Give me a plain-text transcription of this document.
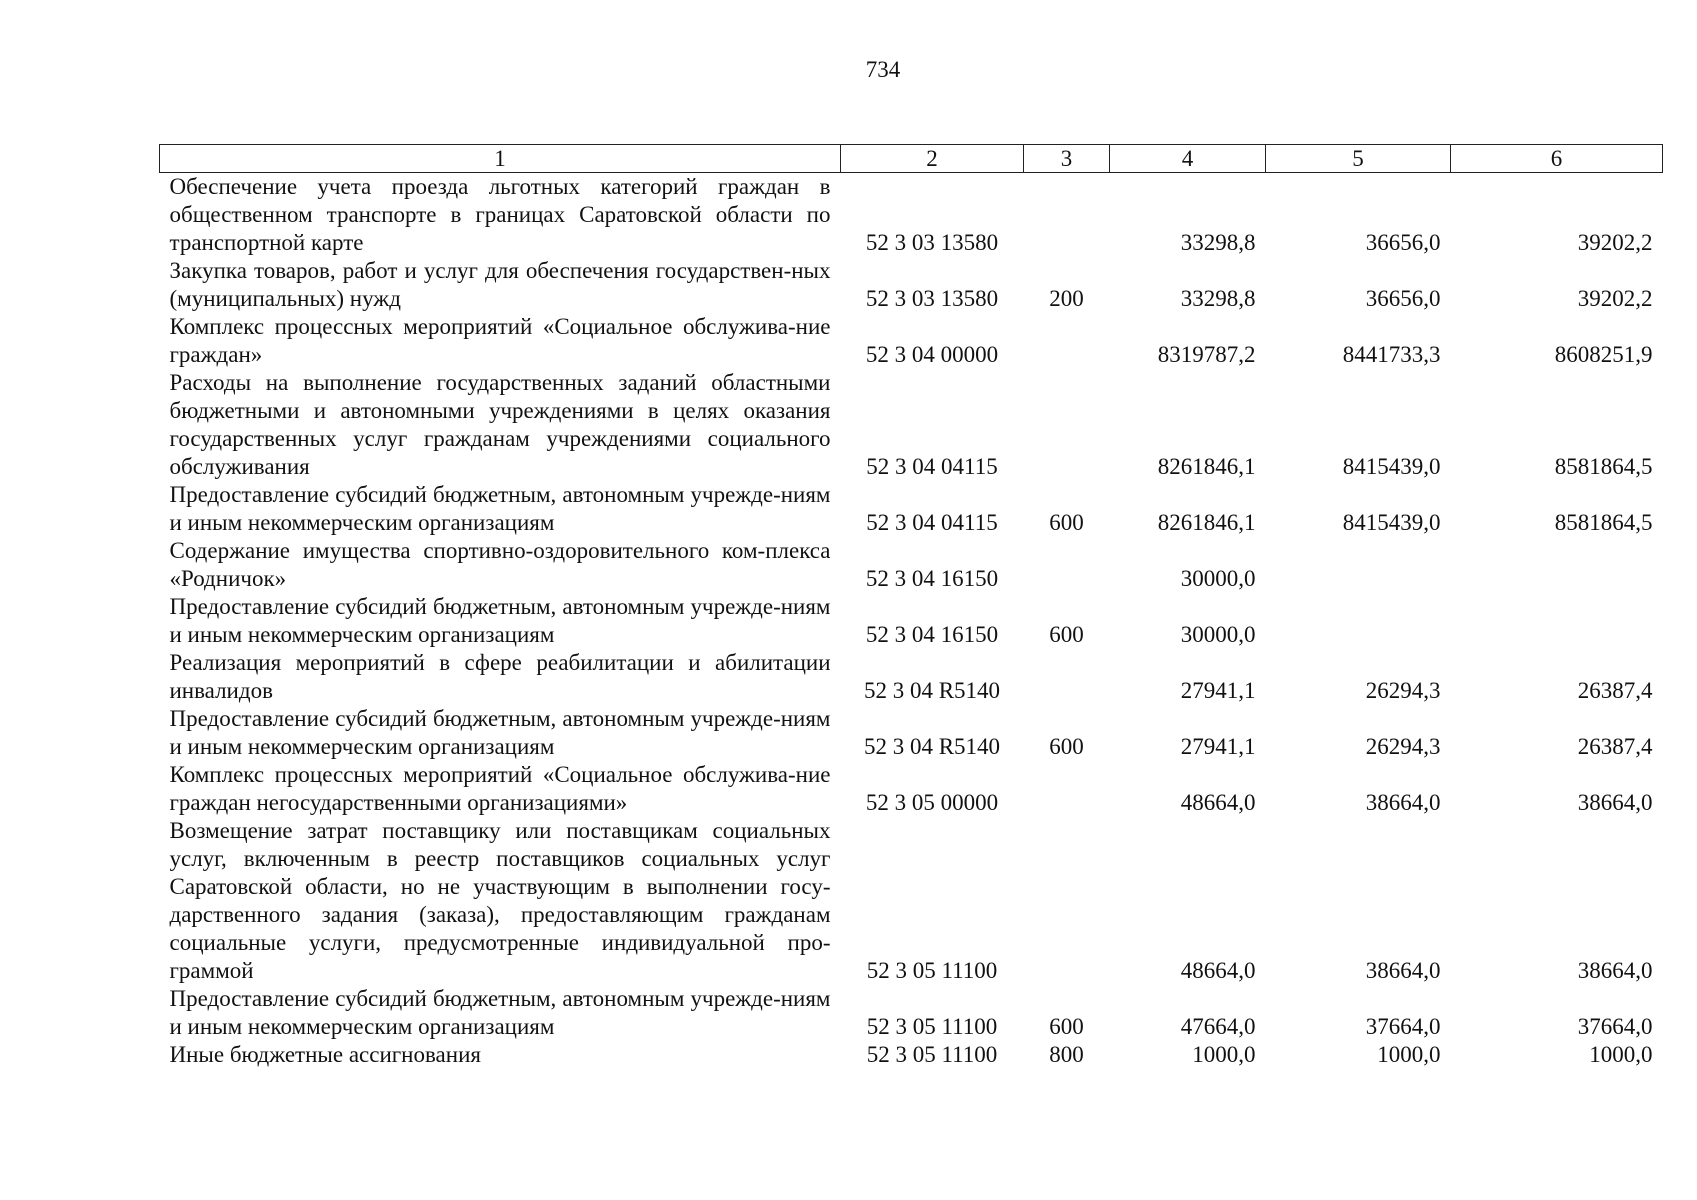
734
1	2	3	4	5	6
Обеспечение учета проезда льготных категорий граждан в общественном транспорте в границах Саратовской области по транспортной карте	52 3 03 13580		33298,8	36656,0	39202,2
Закупка товаров, работ и услуг для обеспечения государствен-ных (муниципальных) нужд	52 3 03 13580	200	33298,8	36656,0	39202,2
Комплекс процессных мероприятий «Социальное обслужива-ние граждан»	52 3 04 00000		8319787,2	8441733,3	8608251,9
Расходы на выполнение государственных заданий областными бюджетными и автономными учреждениями в целях оказания государственных услуг гражданам учреждениями социального обслуживания	52 3 04 04115		8261846,1	8415439,0	8581864,5
Предоставление субсидий бюджетным, автономным учрежде-ниям и иным некоммерческим организациям	52 3 04 04115	600	8261846,1	8415439,0	8581864,5
Содержание имущества спортивно-оздоровительного ком-плекса «Родничок»	52 3 04 16150		30000,0		
Предоставление субсидий бюджетным, автономным учрежде-ниям и иным некоммерческим организациям	52 3 04 16150	600	30000,0		
Реализация мероприятий в сфере реабилитации и абилитации инвалидов	52 3 04 R5140		27941,1	26294,3	26387,4
Предоставление субсидий бюджетным, автономным учрежде-ниям и иным некоммерческим организациям	52 3 04 R5140	600	27941,1	26294,3	26387,4
Комплекс процессных мероприятий «Социальное обслужива-ние граждан негосударственными организациями»	52 3 05 00000		48664,0	38664,0	38664,0
Возмещение затрат поставщику или поставщикам социальных услуг, включенным в реестр поставщиков социальных услуг Саратовской области, но не участвующим в выполнении госу-дарственного задания (заказа), предоставляющим гражданам социальные услуги, предусмотренные индивидуальной про-граммой	52 3 05 11100		48664,0	38664,0	38664,0
Предоставление субсидий бюджетным, автономным учрежде-ниям и иным некоммерческим организациям	52 3 05 11100	600	47664,0	37664,0	37664,0
Иные бюджетные ассигнования	52 3 05 11100	800	1000,0	1000,0	1000,0
